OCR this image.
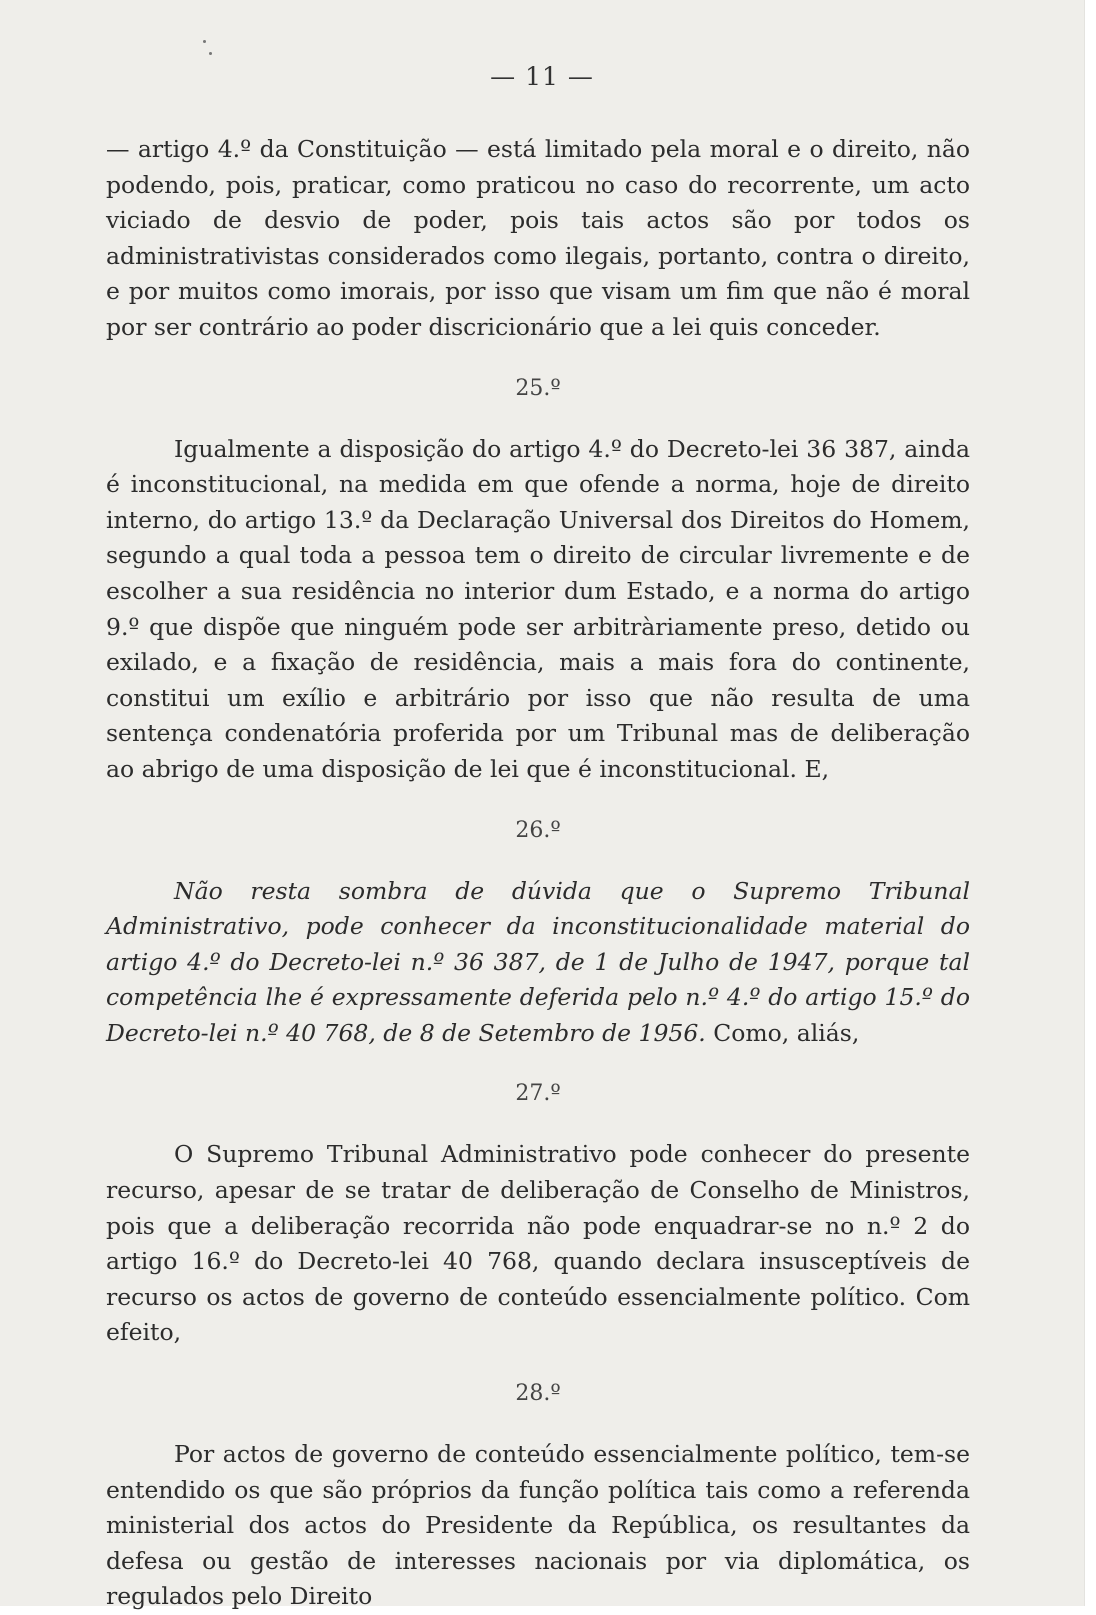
— 11 —

— artigo 4.º da Constituição — está limitado pela moral e o direito, não podendo, pois, praticar, como praticou no caso do recorrente, um acto viciado de desvio de poder, pois tais actos são por todos os administrativistas considerados como ilegais, portanto, contra o direito, e por muitos como imorais, por isso que visam um fim que não é moral por ser contrário ao poder discricionário que a lei quis conceder.

25.º

Igualmente a disposição do artigo 4.º do Decreto-lei 36 387, ainda é inconstitucional, na medida em que ofende a norma, hoje de direito interno, do artigo 13.º da Declaração Universal dos Direitos do Homem, segundo a qual toda a pessoa tem o direito de circular livremente e de escolher a sua residência no interior dum Estado, e a norma do artigo 9.º que dispõe que ninguém pode ser arbitràriamente preso, detido ou exilado, e a fixação de residência, mais a mais fora do continente, constitui um exílio e arbitrário por isso que não resulta de uma sentença condenatória proferida por um Tribunal mas de deliberação ao abrigo de uma disposição de lei que é inconstitucional. E,

26.º

Não resta sombra de dúvida que o Supremo Tribunal Administrativo, pode conhecer da inconstitucionalidade material do artigo 4.º do Decreto-lei n.º 36 387, de 1 de Julho de 1947, porque tal competência lhe é expressamente deferida pelo n.º 4.º do artigo 15.º do Decreto-lei n.º 40 768, de 8 de Setembro de 1956. Como, aliás,

27.º

O Supremo Tribunal Administrativo pode conhecer do presente recurso, apesar de se tratar de deliberação de Conselho de Ministros, pois que a deliberação recorrida não pode enquadrar-se no n.º 2 do artigo 16.º do Decreto-lei 40 768, quando declara insusceptíveis de recurso os actos de governo de conteúdo essencialmente político. Com efeito,

28.º

Por actos de governo de conteúdo essencialmente político, tem-se entendido os que são próprios da função política tais como a referenda ministerial dos actos do Presidente da República, os resultantes da defesa ou gestão de interesses nacionais por via diplomática, os regulados pelo Direito
